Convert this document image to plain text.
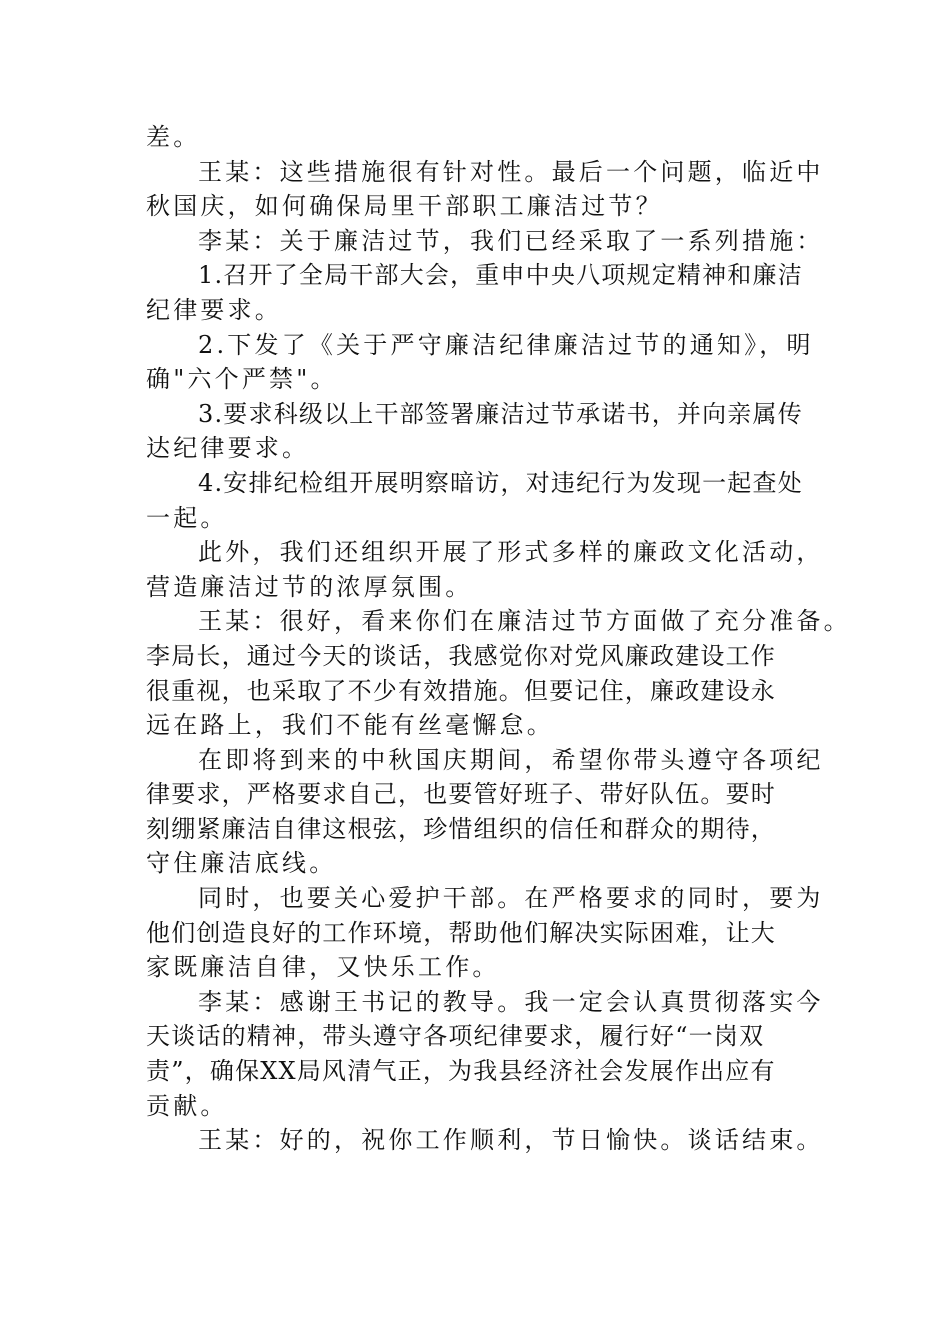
差。
王某：这些措施很有针对性。最后一个问题，临近中
秋国庆，如何确保局里干部职工廉洁过节？
李某：关于廉洁过节，我们已经采取了一系列措施：
1.召开了全局干部大会，重申中央八项规定精神和廉洁
纪律要求。
2.下发了《关于严守廉洁纪律廉洁过节的通知》，明
确"六个严禁"。
3.要求科级以上干部签署廉洁过节承诺书，并向亲属传
达纪律要求。
4.安排纪检组开展明察暗访，对违纪行为发现一起查处
一起。
此外，我们还组织开展了形式多样的廉政文化活动，
营造廉洁过节的浓厚氛围。
王某：很好，看来你们在廉洁过节方面做了充分准备。
李局长，通过今天的谈话，我感觉你对党风廉政建设工作
很重视，也采取了不少有效措施。但要记住，廉政建设永
远在路上，我们不能有丝毫懈怠。
在即将到来的中秋国庆期间，希望你带头遵守各项纪
律要求，严格要求自己，也要管好班子、带好队伍。要时
刻绷紧廉洁自律这根弦，珍惜组织的信任和群众的期待，
守住廉洁底线。
同时，也要关心爱护干部。在严格要求的同时，要为
他们创造良好的工作环境，帮助他们解决实际困难，让大
家既廉洁自律，又快乐工作。
李某：感谢王书记的教导。我一定会认真贯彻落实今
天谈话的精神，带头遵守各项纪律要求，履行好“一岗双
责”，确保XX局风清气正，为我县经济社会发展作出应有
贡献。
王某：好的，祝你工作顺利，节日愉快。谈话结束。
